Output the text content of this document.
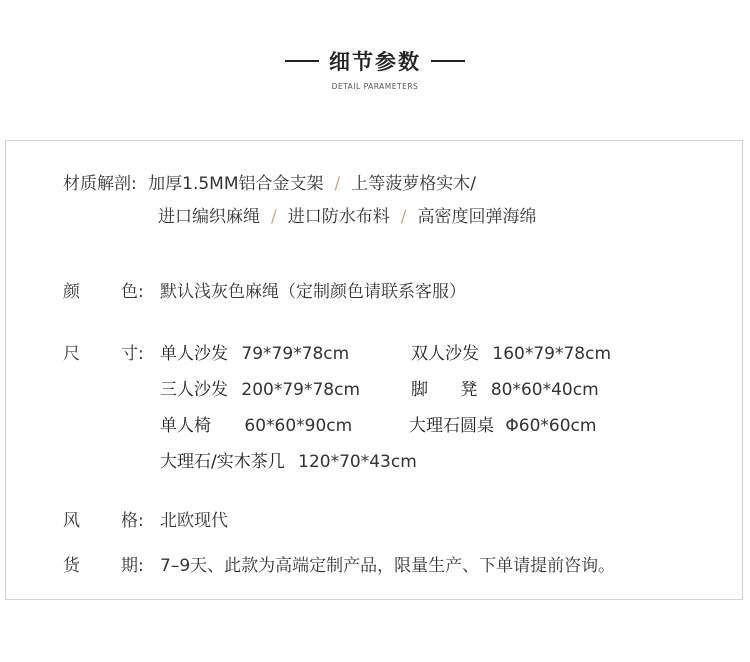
细节参数
DETAIL PARAMETERS
材质解剖: 加厚1.5MM铝合金支架 / 上等菠萝格实木/
进口编织麻绳 / 进口防水布料 / 高密度回弹海绵
颜 色: 默认浅灰色麻绳（定制颜色请联系客服）
尺 寸: 单人沙发 79*79*78cm	双人沙发 160*79*78cm
三人沙发 200*79*78cm	脚      凳 80*60*40cm
单人椅 60*60*90cm	大理石圆桌 Φ60*60cm
大理石/实木茶几 120*70*43cm
风 格: 北欧现代
货 期: 7–9天、此款为高端定制产品，限量生产、下单请提前咨询。
